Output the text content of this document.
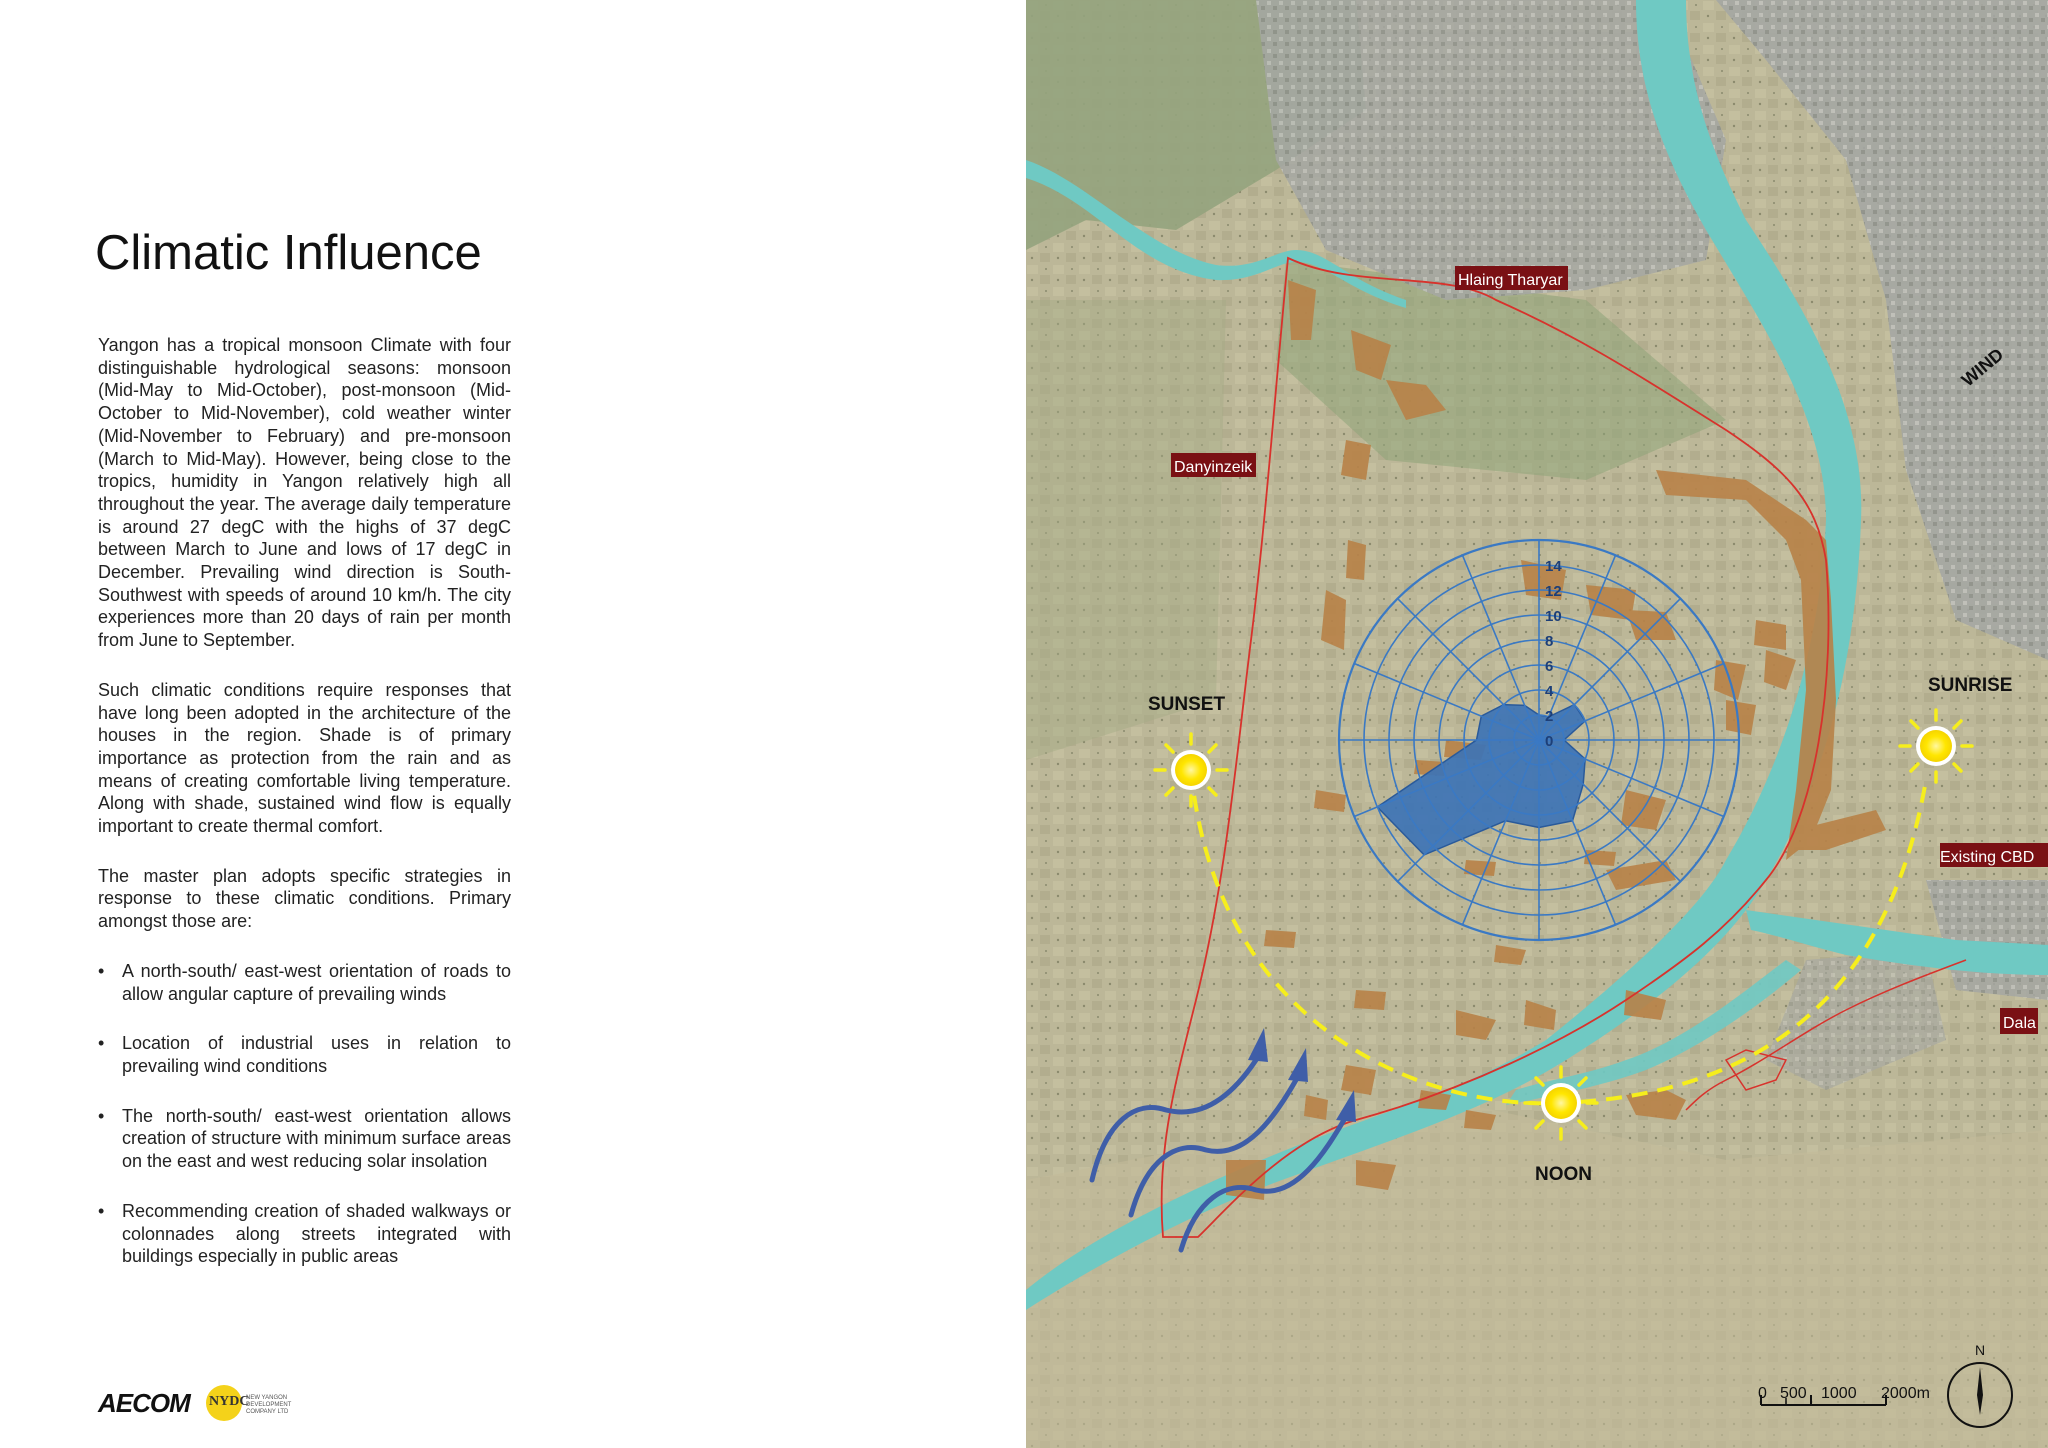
Climatic Influence

Yangon has a tropical monsoon Climate with four distinguishable hydrological seasons: monsoon (Mid-May to Mid-October), post-monsoon (Mid-October to Mid-November), cold weather winter (Mid-November to February) and pre-monsoon (March to Mid-May). However, being close to the tropics, humidity in Yangon relatively high all throughout the year. The average daily temperature is around 27 degC with the highs of 37 degC between March to June and lows of 17 degC in December. Prevailing wind direction is South-Southwest with speeds of around 10 km/h. The city experiences more than 20 days of rain per month from June to September.

Such climatic conditions require responses that have long been adopted in the architecture of the houses in the region. Shade is of primary importance as protection from the rain and as means of creating comfortable living temperature. Along with shade, sustained wind flow is equally important to create thermal comfort.

The master plan adopts specific strategies in response to these climatic conditions. Primary amongst those are:

• A north-south/ east-west orientation of roads to allow angular capture of prevailing winds
• Location of industrial uses in relation to prevailing wind conditions
• The north-south/ east-west orientation allows creation of structure with minimum surface areas on the east and west reducing solar insolation
• Recommending creation of shaded walkways or colonnades along streets integrated with buildings especially in public areas
AECOM NYDC
NEW YANGON DEVELOPMENT COMPANY LTD
0
2
4
6
8
10
12
14
WIND
SUNSET
SUNRISE
NOON
Hlaing Tharyar
Danyinzeik
Existing CBD
Dala
0 500 1000 2000m
N
